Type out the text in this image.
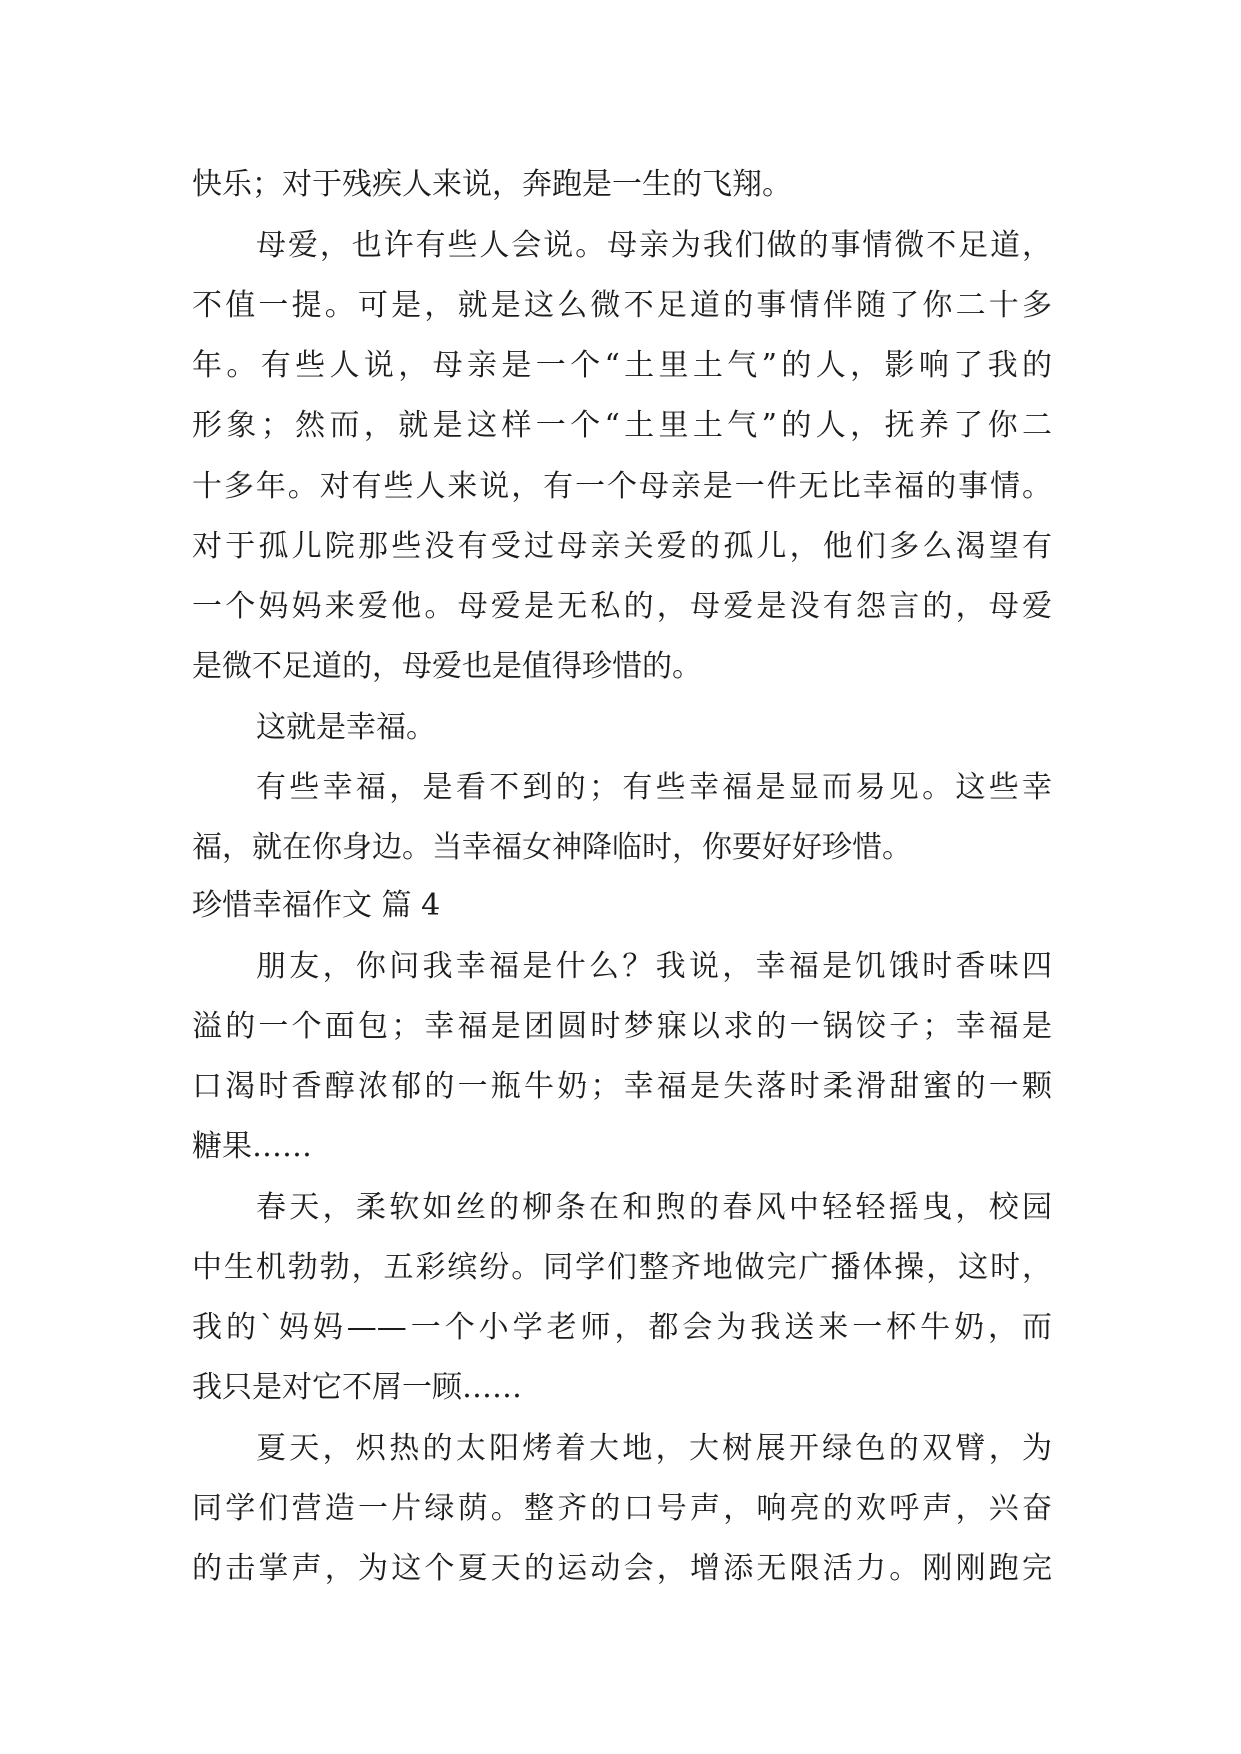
快乐；对于残疾人来说，奔跑是一生的飞翔。
母爱，也许有些人会说。母亲为我们做的事情微不足道，
不值一提。可是，就是这么微不足道的事情伴随了你二十多
年。有些人说，母亲是一个“土里土气”的人，影响了我的
形象；然而，就是这样一个“土里土气”的人，抚养了你二
十多年。对有些人来说，有一个母亲是一件无比幸福的事情。
对于孤儿院那些没有受过母亲关爱的孤儿，他们多么渴望有
一个妈妈来爱他。母爱是无私的，母爱是没有怨言的，母爱
是微不足道的，母爱也是值得珍惜的。
这就是幸福。
有些幸福，是看不到的；有些幸福是显而易见。这些幸
福，就在你身边。当幸福女神降临时，你要好好珍惜。
珍惜幸福作文 篇 4
朋友，你问我幸福是什么？我说，幸福是饥饿时香味四
溢的一个面包；幸福是团圆时梦寐以求的一锅饺子；幸福是
口渴时香醇浓郁的一瓶牛奶；幸福是失落时柔滑甜蜜的一颗
糖果……
春天，柔软如丝的柳条在和煦的春风中轻轻摇曳，校园
中生机勃勃，五彩缤纷。同学们整齐地做完广播体操，这时，
我的`妈妈——一个小学老师，都会为我送来一杯牛奶，而
我只是对它不屑一顾……
夏天，炽热的太阳烤着大地，大树展开绿色的双臂，为
同学们营造一片绿荫。整齐的口号声，响亮的欢呼声，兴奋
的击掌声，为这个夏天的运动会，增添无限活力。刚刚跑完
